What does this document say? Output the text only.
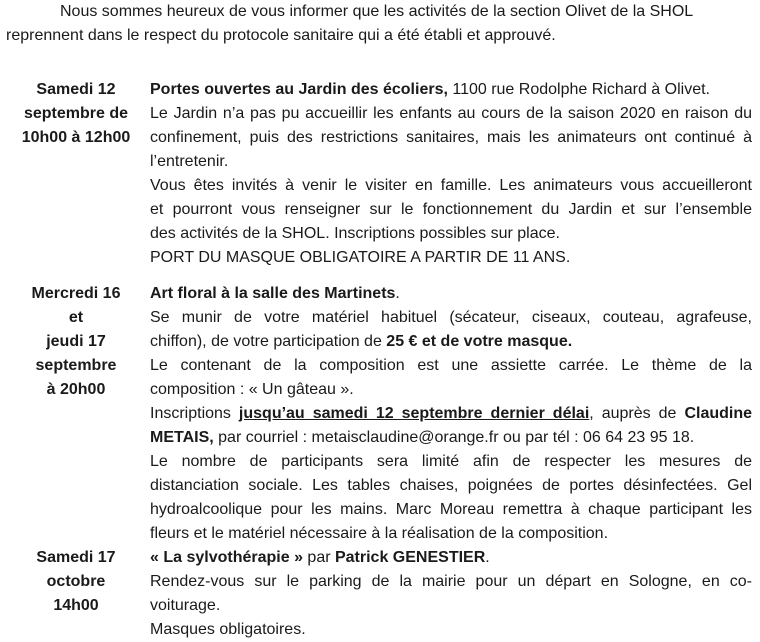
Nous sommes heureux de vous informer que les activités de la section Olivet de la SHOL
reprennent dans le respect du protocole sanitaire qui a été établi et approuvé.
Samedi 12
septembre de
10h00 à 12h00
Portes ouvertes au Jardin des écoliers, 1100 rue Rodolphe Richard à Olivet.
Le Jardin n’a pas pu accueillir les enfants au cours de la saison 2020 en raison du
confinement, puis des restrictions sanitaires, mais les animateurs ont continué à
l’entretenir.
Vous êtes invités à venir le visiter en famille. Les animateurs vous accueilleront
et pourront vous renseigner sur le fonctionnement du Jardin et sur l’ensemble
des activités de la SHOL. Inscriptions possibles sur place.
PORT DU MASQUE OBLIGATOIRE A PARTIR DE 11 ANS.
Mercredi 16
et
jeudi 17
septembre
à 20h00
Art floral à la salle des Martinets.
Se munir de votre matériel habituel (sécateur, ciseaux, couteau, agrafeuse,
chiffon), de votre participation de 25 € et de votre masque.
Le contenant de la composition est une assiette carrée. Le thème de la
composition : « Un gâteau ».
Inscriptions jusqu’au samedi 12 septembre dernier délai, auprès de Claudine
METAIS, par courriel : metaisclaudine@orange.fr ou par tél : 06 64 23 95 18.
Le nombre de participants sera limité afin de respecter les mesures de
distanciation sociale. Les tables chaises, poignées de portes désinfectées. Gel
hydroalcoolique pour les mains. Marc Moreau remettra à chaque participant les
fleurs et le matériel nécessaire à la réalisation de la composition.
Samedi 17
octobre
14h00
« La sylvothérapie » par Patrick GENESTIER.
Rendez-vous sur le parking de la mairie pour un départ en Sologne, en co-
voiturage.
Masques obligatoires.
